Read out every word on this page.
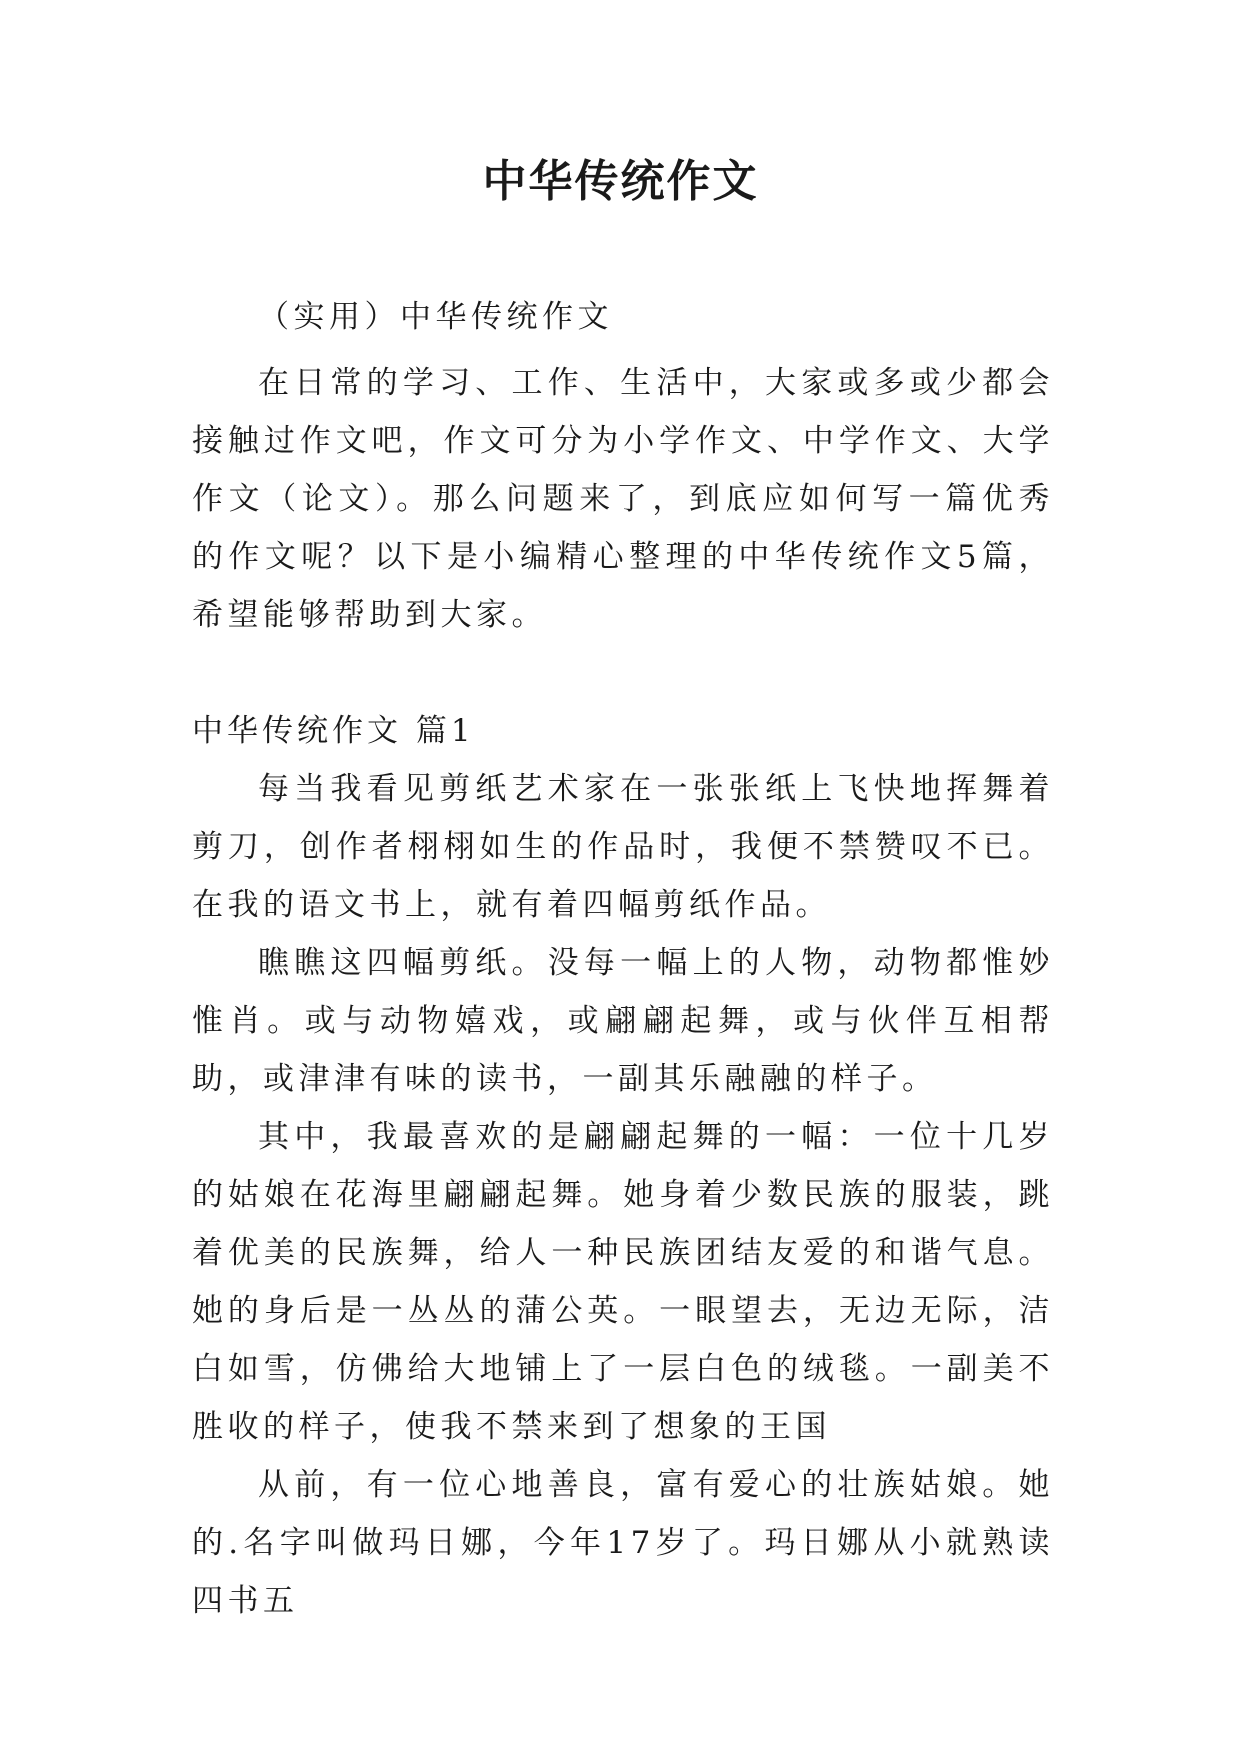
中华传统作文

（实用）中华传统作文

在日常的学习、工作、生活中，大家或多或少都会接触过作文吧，作文可分为小学作文、中学作文、大学作文（论文）。那么问题来了，到底应如何写一篇优秀的作文呢？以下是小编精心整理的中华传统作文5篇，希望能够帮助到大家。

中华传统作文 篇1

每当我看见剪纸艺术家在一张张纸上飞快地挥舞着剪刀，创作者栩栩如生的作品时，我便不禁赞叹不已。在我的语文书上，就有着四幅剪纸作品。

瞧瞧这四幅剪纸。没每一幅上的人物，动物都惟妙惟肖。或与动物嬉戏，或翩翩起舞，或与伙伴互相帮助，或津津有味的读书，一副其乐融融的样子。

其中，我最喜欢的是翩翩起舞的一幅：一位十几岁的姑娘在花海里翩翩起舞。她身着少数民族的服装，跳着优美的民族舞，给人一种民族团结友爱的和谐气息。她的身后是一丛丛的蒲公英。一眼望去，无边无际，洁白如雪，仿佛给大地铺上了一层白色的绒毯。一副美不胜收的样子，使我不禁来到了想象的王国

从前，有一位心地善良，富有爱心的壮族姑娘。她的.名字叫做玛日娜，今年17岁了。玛日娜从小就熟读四书五
